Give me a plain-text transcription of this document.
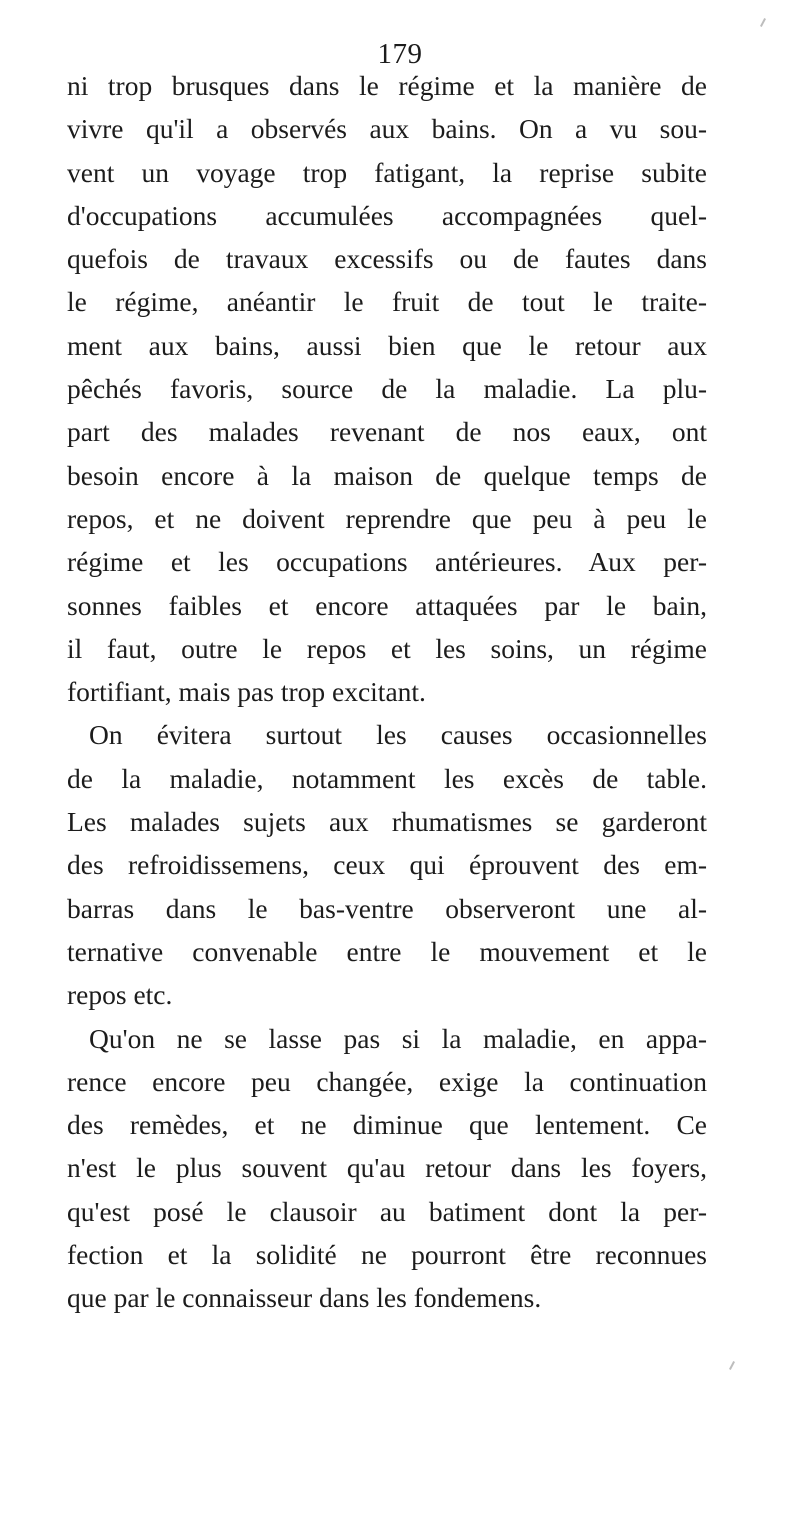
179
ni trop brusques dans le régime et la manière de
vivre qu'il a observés aux bains. On a vu sou-
vent un voyage trop fatigant, la reprise subite
d'occupations accumulées accompagnées quel-
quefois de travaux excessifs ou de fautes dans
le régime, anéantir le fruit de tout le traite-
ment aux bains, aussi bien que le retour aux
pêchés favoris, source de la maladie. La plu-
part des malades revenant de nos eaux, ont
besoin encore à la maison de quelque temps de
repos, et ne doivent reprendre que peu à peu le
régime et les occupations antérieures. Aux per-
sonnes faibles et encore attaquées par le bain,
il faut, outre le repos et les soins, un régime
fortifiant, mais pas trop excitant.
On évitera surtout les causes occasionnelles
de la maladie, notamment les excès de table.
Les malades sujets aux rhumatismes se garderont
des refroidissemens, ceux qui éprouvent des em-
barras dans le bas-ventre observeront une al-
ternative convenable entre le mouvement et le
repos etc.
Qu'on ne se lasse pas si la maladie, en appa-
rence encore peu changée, exige la continuation
des remèdes, et ne diminue que lentement. Ce
n'est le plus souvent qu'au retour dans les foyers,
qu'est posé le clausoir au batiment dont la per-
fection et la solidité ne pourront être reconnues
que par le connaisseur dans les fondemens.
